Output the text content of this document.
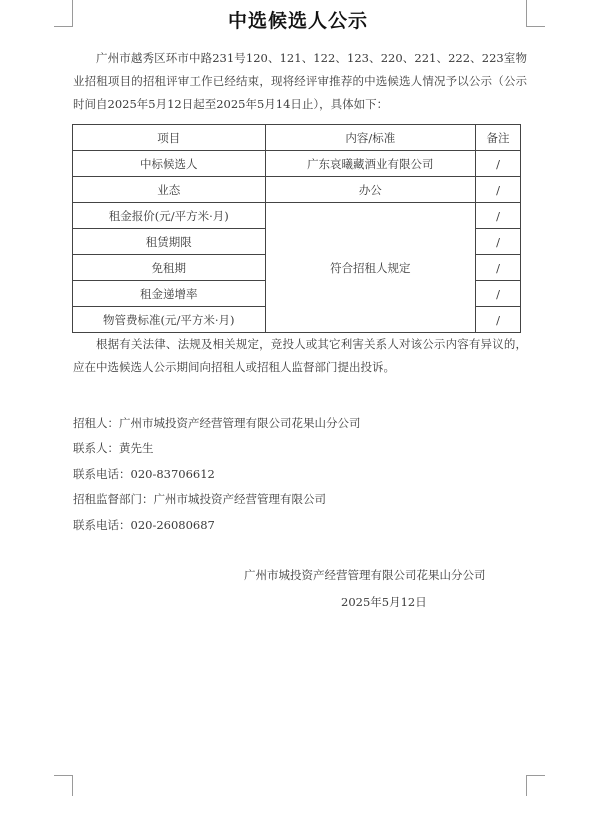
中选候选人公示
广州市越秀区环市中路231号120、121、122、123、220、221、222、223室物业招租项目的招租评审工作已经结束，现将经评审推荐的中选候选人情况予以公示（公示时间自2025年5月12日起至2025年5月14日止），具体如下：
项目	内容/标准	备注
中标候选人	广东哀曦藏酒业有限公司	/
业态	办公	/
租金报价(元/平方米·月)	符合招租人规定	/
租赁期限		/
免租期		/
租金递增率		/
物管费标准(元/平方米·月)		/
根据有关法律、法规及相关规定，竞投人或其它利害关系人对该公示内容有异议的，应在中选候选人公示期间向招租人或招租人监督部门提出投诉。
招租人：广州市城投资产经营管理有限公司花果山分公司
联系人：黄先生
联系电话：020-83706612
招租监督部门：广州市城投资产经营管理有限公司
联系电话：020-26080687
广州市城投资产经营管理有限公司花果山分公司
2025年5月12日
